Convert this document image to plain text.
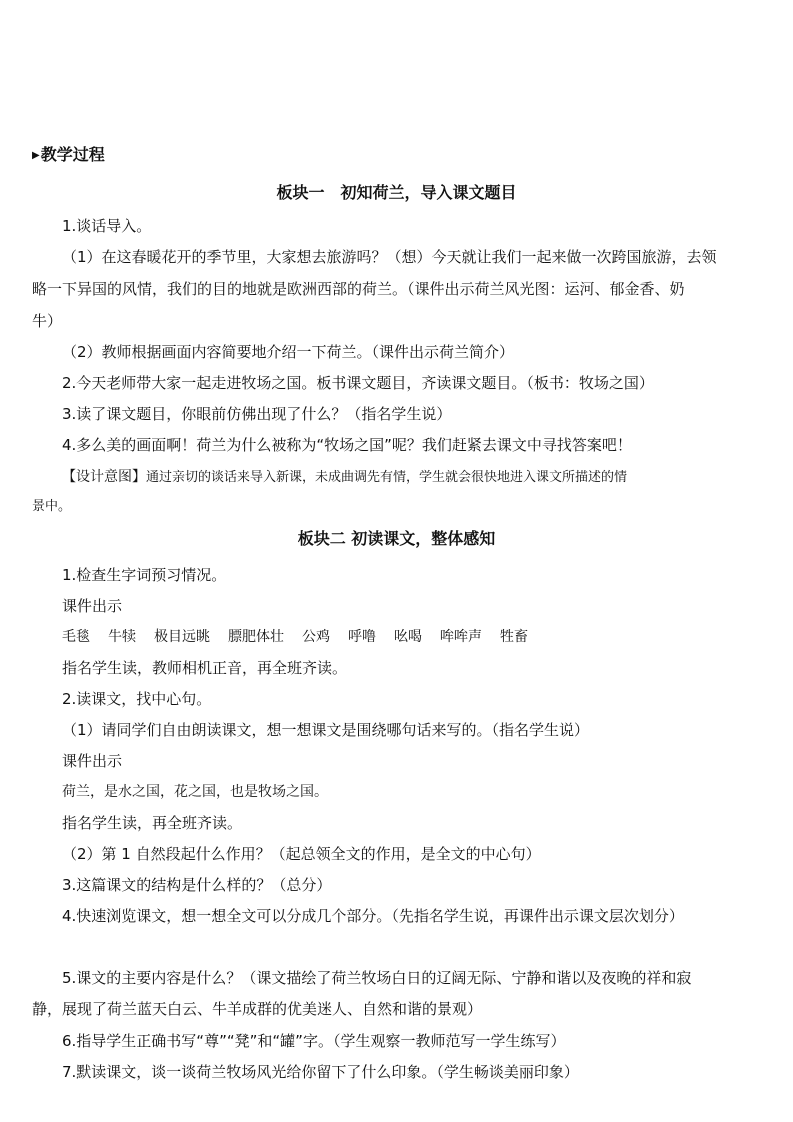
▶教学过程
板块一　初知荷兰，导入课文题目
1.谈话导入。
（1）在这春暖花开的季节里，大家想去旅游吗？（想）今天就让我们一起来做一次跨国旅游，去领
略一下异国的风情，我们的目的地就是欧洲西部的荷兰。（课件出示荷兰风光图：运河、郁金香、奶
牛）
（2）教师根据画面内容简要地介绍一下荷兰。（课件出示荷兰简介）
2.今天老师带大家一起走进牧场之国。板书课文题目，齐读课文题目。（板书：牧场之国）
3.读了课文题目，你眼前仿佛出现了什么？（指名学生说）
4.多么美的画面啊！荷兰为什么被称为“牧场之国”呢？我们赶紧去课文中寻找答案吧！
【设计意图】通过亲切的谈话来导入新课，未成曲调先有情，学生就会很快地进入课文所描述的情
景中。
板块二 初读课文，整体感知
1.检查生字词预习情况。
课件出示
毛毯 牛犊 极目远眺 膘肥体壮 公鸡 呼噜 吆喝 哞哞声 牲畜
指名学生读，教师相机正音，再全班齐读。
2.读课文，找中心句。
（1）请同学们自由朗读课文，想一想课文是围绕哪句话来写的。（指名学生说）
课件出示
荷兰，是水之国，花之国，也是牧场之国。
指名学生读，再全班齐读。
（2）第 1 自然段起什么作用？（起总领全文的作用，是全文的中心句）
3.这篇课文的结构是什么样的？（总分）
4.快速浏览课文，想一想全文可以分成几个部分。（先指名学生说，再课件出示课文层次划分）
5.课文的主要内容是什么？（课文描绘了荷兰牧场白日的辽阔无际、宁静和谐以及夜晚的祥和寂
静，展现了荷兰蓝天白云、牛羊成群的优美迷人、自然和谐的景观）
6.指导学生正确书写“尊”“凳”和“罐”字。（学生观察一教师范写一学生练写）
7.默读课文，谈一谈荷兰牧场风光给你留下了什么印象。（学生畅谈美丽印象）
